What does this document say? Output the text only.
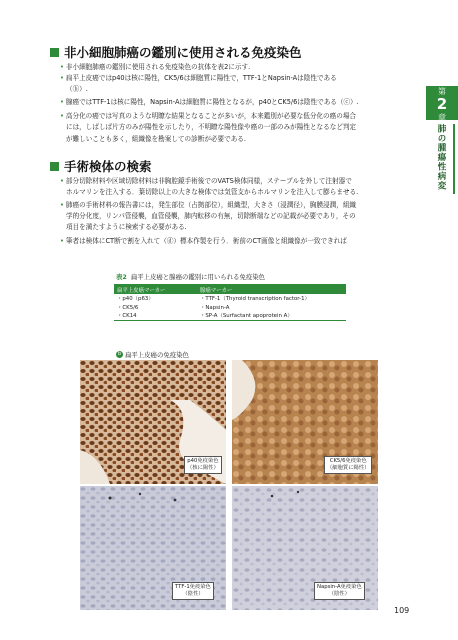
非小細胞肺癌の鑑別に使用される免疫染色
• 非小細胞肺癌の鑑別に使用される免疫染色の抗体を表2に示す.
• 扁平上皮癌ではp40は核に陽性，CK5/6は細胞質に陽性で，TTF-1とNapsin-Aは陰性である
（ⓑ）.
• 腺癌ではTTF-1は核に陽性，Napsin-Aは細胞質に陽性となるが，p40とCK5/6は陰性である（ⓒ）.
• 高分化の癌では写真のような明瞭な結果となることが多いが，本来鑑別が必要な低分化の癌の場合
には，しばしば片方のみが陽性を示したり，不明瞭な陽性像や癌の一部のみが陽性となるなど判定
が難しいことも多く，組織像を勘案しての診断が必要である.
手術検体の検索
• 部分切除材料や区域切除材料は非胸腔鏡手術後でのVATS検体同様，ステープルを外して注射器で
ホルマリンを注入する．葉切除以上の大きな検体では気管支からホルマリンを注入して膨らませる.
• 肺癌の手術材料の報告書には，発生部位（占拠部位），組織型，大きさ（浸潤径），胸膜浸潤，組織
学的分化度，リンパ管侵襲，血管侵襲，肺内転移の有無，切除断端などの記載が必要であり，その
項目を満たすように検索する必要がある.
• 筆者は検体にCT断で割を入れて（ⓓ）標本作製を行う．術前のCT画像と組織像が一致できれば
第
2
章
肺の腫瘍性病変
表2 扁平上皮癌と腺癌の鑑別に用いられる免疫染色
扁平上皮癌マーカー	腺癌マーカー
・p40（p63）	・TTF-1（Thyroid transcription factor-1）
・CK5/6	・Napsin-A
・CK14	・SP-A（Surfactant apoprotein A）
b 扁平上皮癌の免疫染色
p40免疫染色
（核に陽性）
CK5/6免疫染色
（細胞質に陽性）
TTF-1免疫染色
（陰性）
Napsin-A免疫染色
（陰性）
109
